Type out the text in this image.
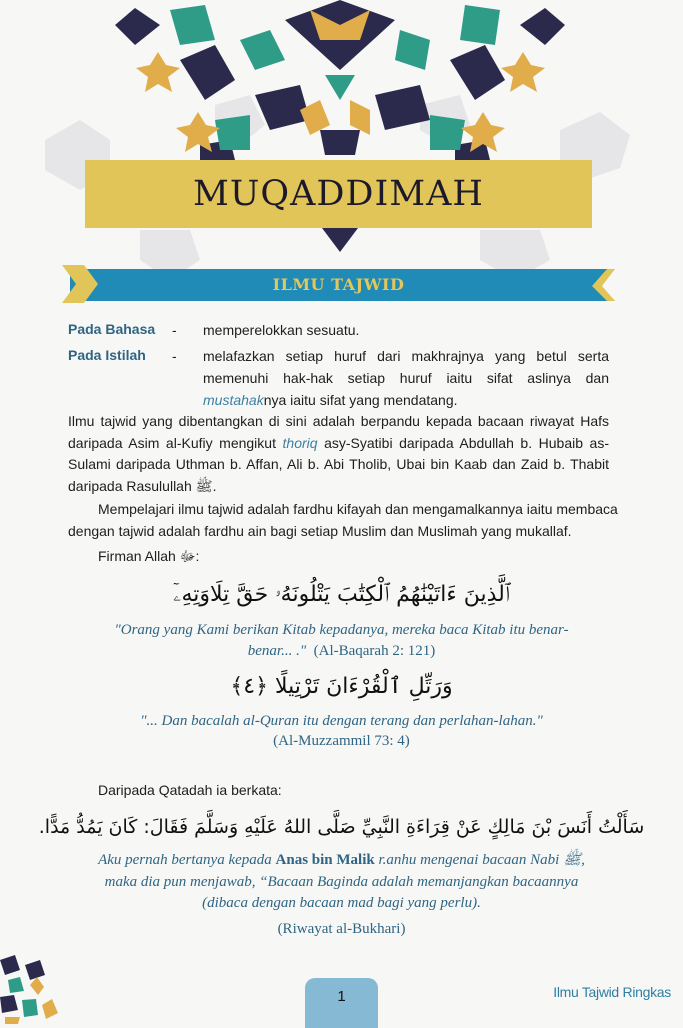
MUQADDIMAH
ILMU TAJWID
Pada Bahasa - memperelokkan sesuatu.
Pada Istilah - melafazkan setiap huruf dari makhrajnya yang betul serta
memenuhi hak-hak setiap huruf iaitu sifat aslinya dan
mustahaknya iaitu sifat yang mendatang.
Ilmu tajwid yang dibentangkan di sini adalah berpandu kepada bacaan riwayat Hafs
daripada Asim al-Kufiy mengikut thoriq asy-Syatibi daripada Abdullah b. Hubaib as-
Sulami daripada Uthman b. Affan, Ali b. Abi Tholib, Ubai bin Kaab dan Zaid b. Thabit
daripada Rasulullah ﷺ.
Mempelajari ilmu tajwid adalah fardhu kifayah dan mengamalkannya iaitu membaca
dengan tajwid adalah fardhu ain bagi setiap Muslim dan Muslimah yang mukallaf.
Firman Allah ﷻ:
ٱلَّذِينَ ءَاتَيْنَٰهُمُ ٱلْكِتَٰبَ يَتْلُونَهُۥ حَقَّ تِلَاوَتِهِۦٓ
"Orang yang Kami berikan Kitab kepadanya, mereka baca Kitab itu benar-
benar... ." (Al-Baqarah 2: 121)
وَرَتِّلِ ٱلْقُرْءَانَ تَرْتِيلًا ﴿٤﴾
"... Dan bacalah al-Quran itu dengan terang dan perlahan-lahan."
(Al-Muzzammil 73: 4)
Daripada Qatadah ia berkata:
سَأَلْتُ أَنَسَ بْنَ مَالِكٍ عَنْ قِرَاءَةِ النَّبِيِّ صَلَّى اللهُ عَلَيْهِ وَسَلَّمَ فَقَالَ: كَانَ يَمُدُّ مَدًّا.
Aku pernah bertanya kepada Anas bin Malik r.anhu mengenai bacaan Nabi ﷺ,
maka dia pun menjawab, “Bacaan Baginda adalah memanjangkan bacaannya
(dibaca dengan bacaan mad bagi yang perlu).
(Riwayat al-Bukhari)
1	Ilmu Tajwid Ringkas
